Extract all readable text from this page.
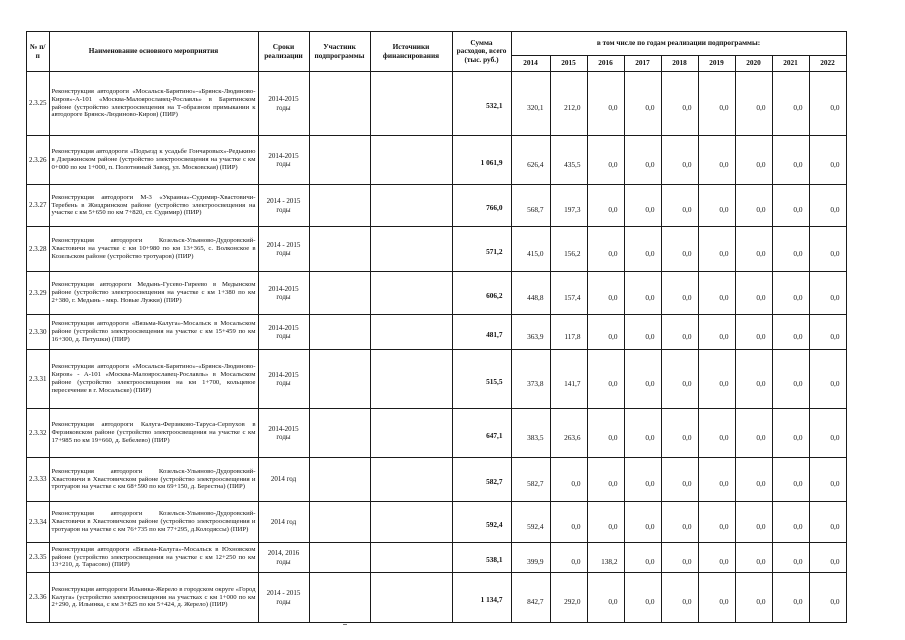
№ п/п	Наименование основного мероприятия	Сроки реализации	Участник подпрограммы	Источники финансирования	Сумма расходов, всего (тыс. руб.)	в том числе по годам реализации подпрограммы:								
						2014	2015	2016	2017	2018	2019	2020	2021	2022
2.3.25	Реконструкция автодороги «Мосальск-Барятино»-«Брянск-Людиново-Киров»-А-101 «Москва-Малоярославец-Рославль» в Барятинском районе (устройство электроосвещения на Т-образном примыкании к автодороге Брянск-Людиново-Киров) (ПИР)	2014-2015 годы			532,1	320,1	212,0	0,0	0,0	0,0	0,0	0,0	0,0	0,0
2.3.26	Реконструкция автодороги «Подъезд к усадьбе Гончаровых»-Редькино в Дзержинском районе (устройство электроосвещения на участке с км 0+000 по км 1+000, п. Полотняный Завод, ул. Московская) (ПИР)	2014-2015 годы			1 061,9	626,4	435,5	0,0	0,0	0,0	0,0	0,0	0,0	0,0
2.3.27	Реконструкция автодороги М-3 «Украина»-Судимир-Хвастовичи-Теребень в Жиздринском районе (устройство электроосвещения на участке с км 5+650 по км 7+820, ст. Судимир) (ПИР)	2014 - 2015 годы			766,0	568,7	197,3	0,0	0,0	0,0	0,0	0,0	0,0	0,0
2.3.28	Реконструкция автодороги Козельск-Ульяново-Дудоровский-Хвастовичи на участке с км 10+980 по км 13+365, с. Волконское в Козельском районе (устройство тротуаров) (ПИР)	2014 - 2015 годы			571,2	415,0	156,2	0,0	0,0	0,0	0,0	0,0	0,0	0,0
2.3.29	Реконструкция автодороги Медынь-Гусево-Гиреево в Медынском районе (устройство электроосвещения на участке с км 1+380 по км 2+380, г. Медынь - мкр. Новые Лужки) (ПИР)	2014-2015 годы			606,2	448,8	157,4	0,0	0,0	0,0	0,0	0,0	0,0	0,0
2.3.30	Реконструкция автодороги «Вязьма-Калуга»-Мосальск в Мосальском районе (устройство электроосвещения на участке с км 15+459 по км 16+300, д. Петушки) (ПИР)	2014-2015 годы			481,7	363,9	117,8	0,0	0,0	0,0	0,0	0,0	0,0	0,0
2.3.31	Реконструкция автодороги «Мосальск-Барятино»-«Брянск-Людиново-Киров» - А-101 «Москва-Малоярославец-Рославль» в Мосальском районе (устройство электроосвещения на км 1+700, кольцевое пересечение в г. Мосальске) (ПИР)	2014-2015 годы			515,5	373,8	141,7	0,0	0,0	0,0	0,0	0,0	0,0	0,0
2.3.32	Реконструкция автодороги Калуга-Ферзиково-Таруса-Серпухов в Ферзиковском районе (устройство электроосвещения на участке с км 17+985 по км 19+660, д. Бебелево) (ПИР)	2014-2015 годы			647,1	383,5	263,6	0,0	0,0	0,0	0,0	0,0	0,0	0,0
2.3.33	Реконструкция автодороги Козельск-Ульяново-Дудоровский-Хвастовичи в Хвастовичском районе (устройство электроосвещения и тротуаров на участке с км 68+590 по км 69+150, д. Берестна) (ПИР)	2014 год			582,7	582,7	0,0	0,0	0,0	0,0	0,0	0,0	0,0	0,0
2.3.34	Реконструкция автодороги Козельск-Ульяново-Дудоровский-Хвастовичи в Хвастовичском районе (устройство электроосвещения и тротуаров на участке с км 76+735 по км 77+295, д.Колодяссы) (ПИР)	2014 год			592,4	592,4	0,0	0,0	0,0	0,0	0,0	0,0	0,0	0,0
2.3.35	Реконструкция автодороги «Вязьма-Калуга»-Мосальск в Юхновском районе (устройство электроосвещения на участке с км 12+250 по км 13+210, д. Тарасово) (ПИР)	2014, 2016 годы			538,1	399,9	0,0	138,2	0,0	0,0	0,0	0,0	0,0	0,0
2.3.36	Реконструкция автодороги Ильинка-Жерело в городском округе «Город Калуга» (устройство электроосвещения на участках с км 1+000 по км 2+290, д. Ильинка, с км 3+825 по км 5+424, д. Жерело) (ПИР)	2014 - 2015 годы			1 134,7	842,7	292,0	0,0	0,0	0,0	0,0	0,0	0,0	0,0
